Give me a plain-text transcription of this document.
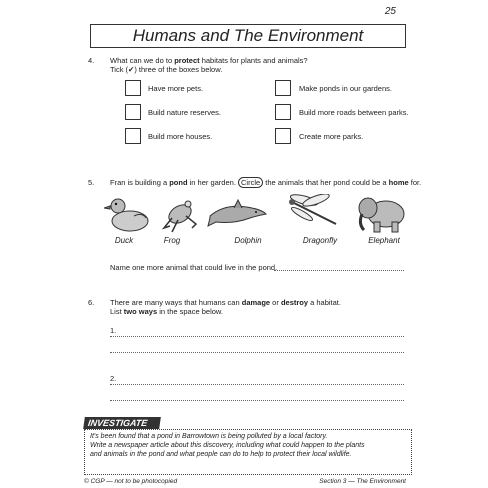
25
Humans and The Environment
4. What can we do to protect habitats for plants and animals?
Tick (✔) three of the boxes below.
Have more pets.
Build nature reserves.
Build more houses.
Make ponds in our gardens.
Build more roads between parks.
Create more parks.
5. Fran is building a pond in her garden. Circle the animals that her pond could be a home for.
Duck	Frog	Dolphin	Dragonfly	Elephant
Name one more animal that could live in the pond.
6. There are many ways that humans can damage or destroy a habitat.
List two ways in the space below.
1.
2.
INVESTIGATE
It's been found that a pond in Barrowtown is being polluted by a local factory.
Write a newspaper article about this discovery, including what could happen to the plants
and animals in the pond and what people can do to help to protect their local wildlife.
© CGP — not to be photocopied	Section 3 — The Environment
